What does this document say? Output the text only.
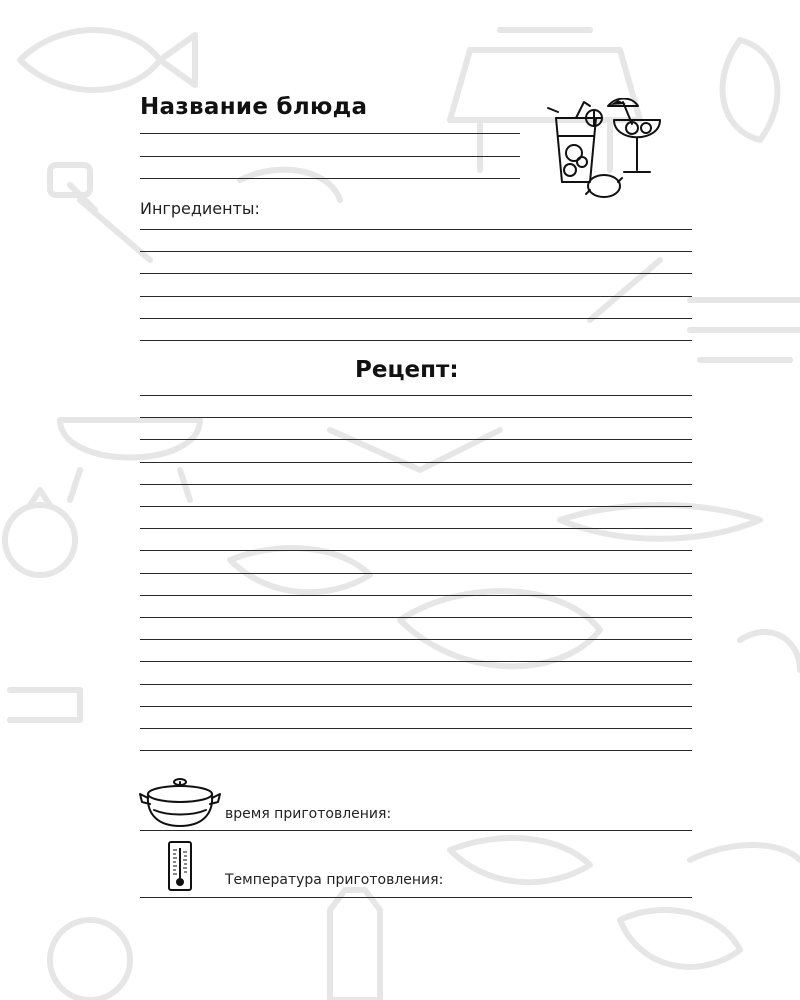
Название блюда
Ингредиенты:
Рецепт:
время приготовления:
Температура приготовления:
